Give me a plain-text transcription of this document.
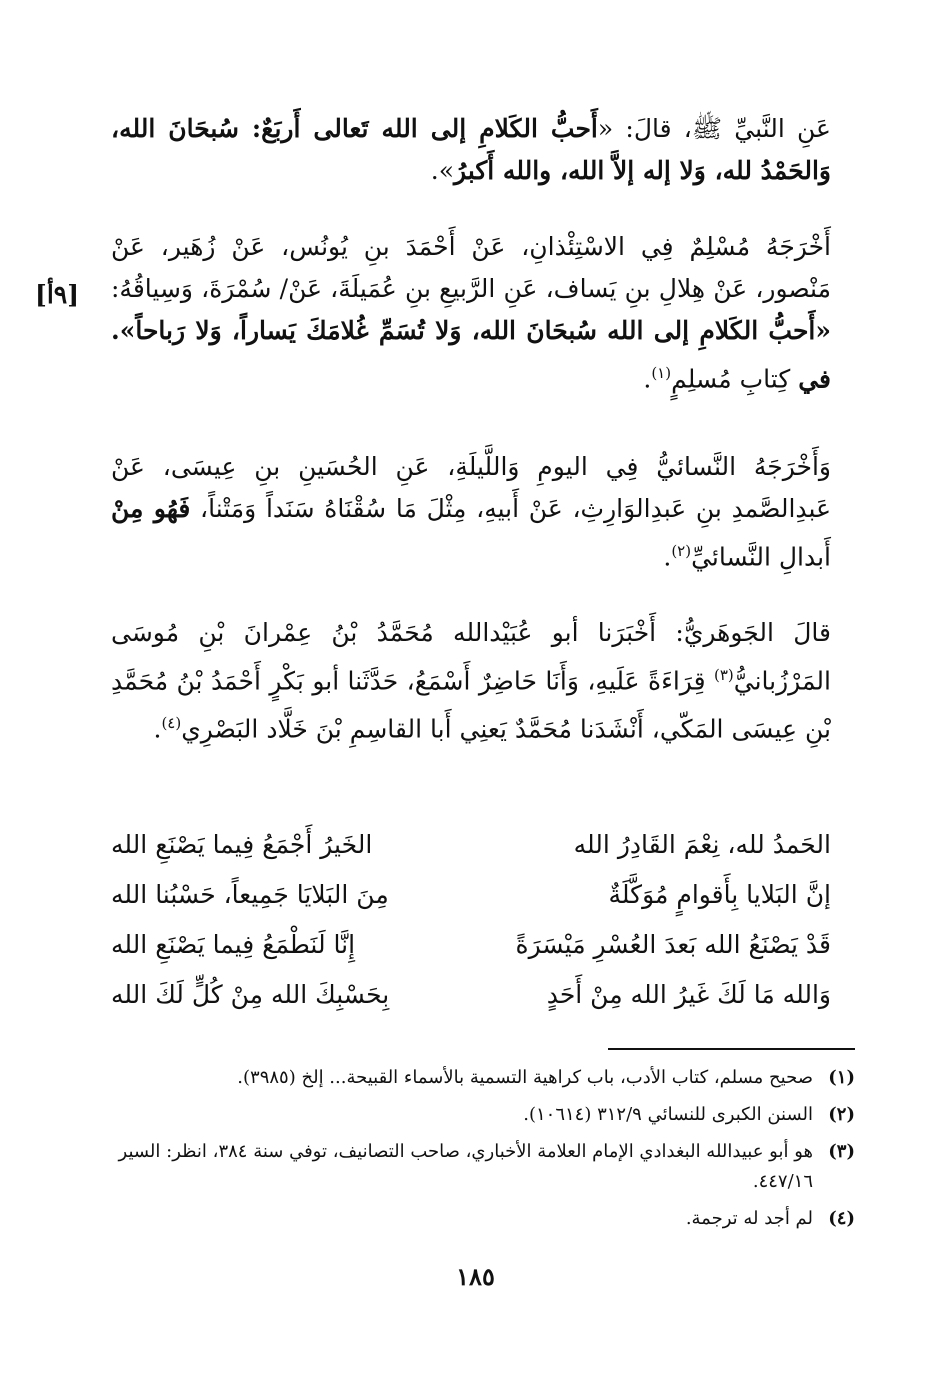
عَنِ النَّبيِّ ﷺ، قالَ: «أَحبُّ الكَلامِ إلى الله تَعالى أَربَعٌ: سُبحَانَ الله، وَالحَمْدُ لله، وَلا إله إلاَّ الله، والله أَكبرُ».

أَخْرَجَهُ مُسْلِمٌ فِي الاسْتِئْذانِ، عَنْ أَحْمَدَ بنِ يُونُس، عَنْ زُهَير، عَنْ مَنْصور، عَنْ هِلالِ بنِ يَساف، عَنِ الرَّبيعِ بنِ عُمَيلَةَ، عَنْ/ سُمْرَةَ، وَسِياقُهُ: «أَحبُّ الكَلامِ إلى الله سُبحَانَ الله، وَلا تُسَمِّ غُلامَكَ يَساراً، وَلا رَباحاً». في كِتابِ مُسلِمٍ$^{(١)}$.

[٩أ]

وَأَخْرَجَهُ النَّسائيُّ فِي اليومِ وَاللَّيلَةِ، عَنِ الحُسَينِ بنِ عِيسَى، عَنْ عَبدِالصَّمدِ بنِ عَبدِالوَارِثِ، عَنْ أَبيهِ، مِثْلَ مَا سُقْنَاهُ سَنَداً وَمَتْناً، فَهُو مِنْ أَبدالِ النَّسائيِّ$^{(٢)}$.

قالَ الجَوهَريُّ: أَخْبَرَنا أبو عُبَيْدالله مُحَمَّدُ بْنُ عِمْرانَ بْنِ مُوسَى المَرْزُبانيُّ$^{(٣)}$ قِرَاءَةً عَلَيهِ، وَأَنَا حَاضِرٌ أَسْمَعُ، حَدَّثَنا أبو بَكْرٍ أَحْمَدُ بْنُ مُحَمَّدِ بْنِ عِيسَى المَكّي، أَنْشَدَنا مُحَمَّدٌ يَعنِي أَبا القاسِمِ بْنَ خَلَّاد البَصْرِي$^{(٤)}$.

الحَمدُ لله، نِعْمَ القَادِرُ الله
الخَيرُ أَجْمَعُ فِيما يَصْنَعِ الله
إنَّ البَلايا بِأَقوامٍ مُوَكَّلَةٌ
مِنَ البَلايَا جَمِيعاً، حَسْبُنا الله
قَدْ يَصْنَعُ الله بَعدَ العُسْرِ مَيْسَرَةً
إِنَّا لَنَطْمَعُ فِيما يَصْنَعِ الله
وَالله مَا لَكَ غَيرُ الله مِنْ أَحَدٍ
بِحَسْبِكَ الله مِنْ كُلٍّ لَكَ الله
(١)
صحيح مسلم، كتاب الأدب، باب كراهية التسمية بالأسماء القبيحة... إلخ (٣٩٨٥).
(٢)
السنن الكبرى للنسائي ٣١٢/٩ (١٠٦١٤).
(٣)
هو أبو عبيدالله البغدادي الإمام العلامة الأخباري، صاحب التصانيف، توفي سنة ٣٨٤، انظر: السير ٤٤٧/١٦.
(٤)
لم أجد له ترجمة.
١٨٥
